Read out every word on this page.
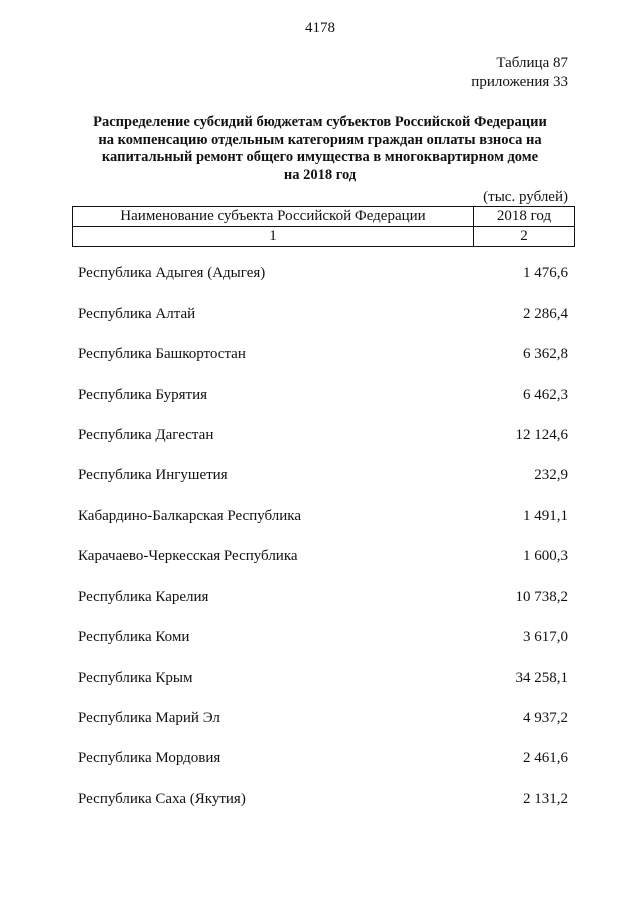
4178
Таблица 87
приложения 33
Распределение субсидий бюджетам субъектов Российской Федерации
на компенсацию отдельным категориям граждан оплаты взноса на
капитальный ремонт общего имущества в многоквартирном доме
на 2018 год
(тыс. рублей)
Наименование субъекта Российской Федерации	2018 год
1	2
Республика Адыгея (Адыгея)	1 476,6
Республика Алтай	2 286,4
Республика Башкортостан	6 362,8
Республика Бурятия	6 462,3
Республика Дагестан	12 124,6
Республика Ингушетия	232,9
Кабардино-Балкарская Республика	1 491,1
Карачаево-Черкесская Республика	1 600,3
Республика Карелия	10 738,2
Республика Коми	3 617,0
Республика Крым	34 258,1
Республика Марий Эл	4 937,2
Республика Мордовия	2 461,6
Республика Саха (Якутия)	2 131,2
